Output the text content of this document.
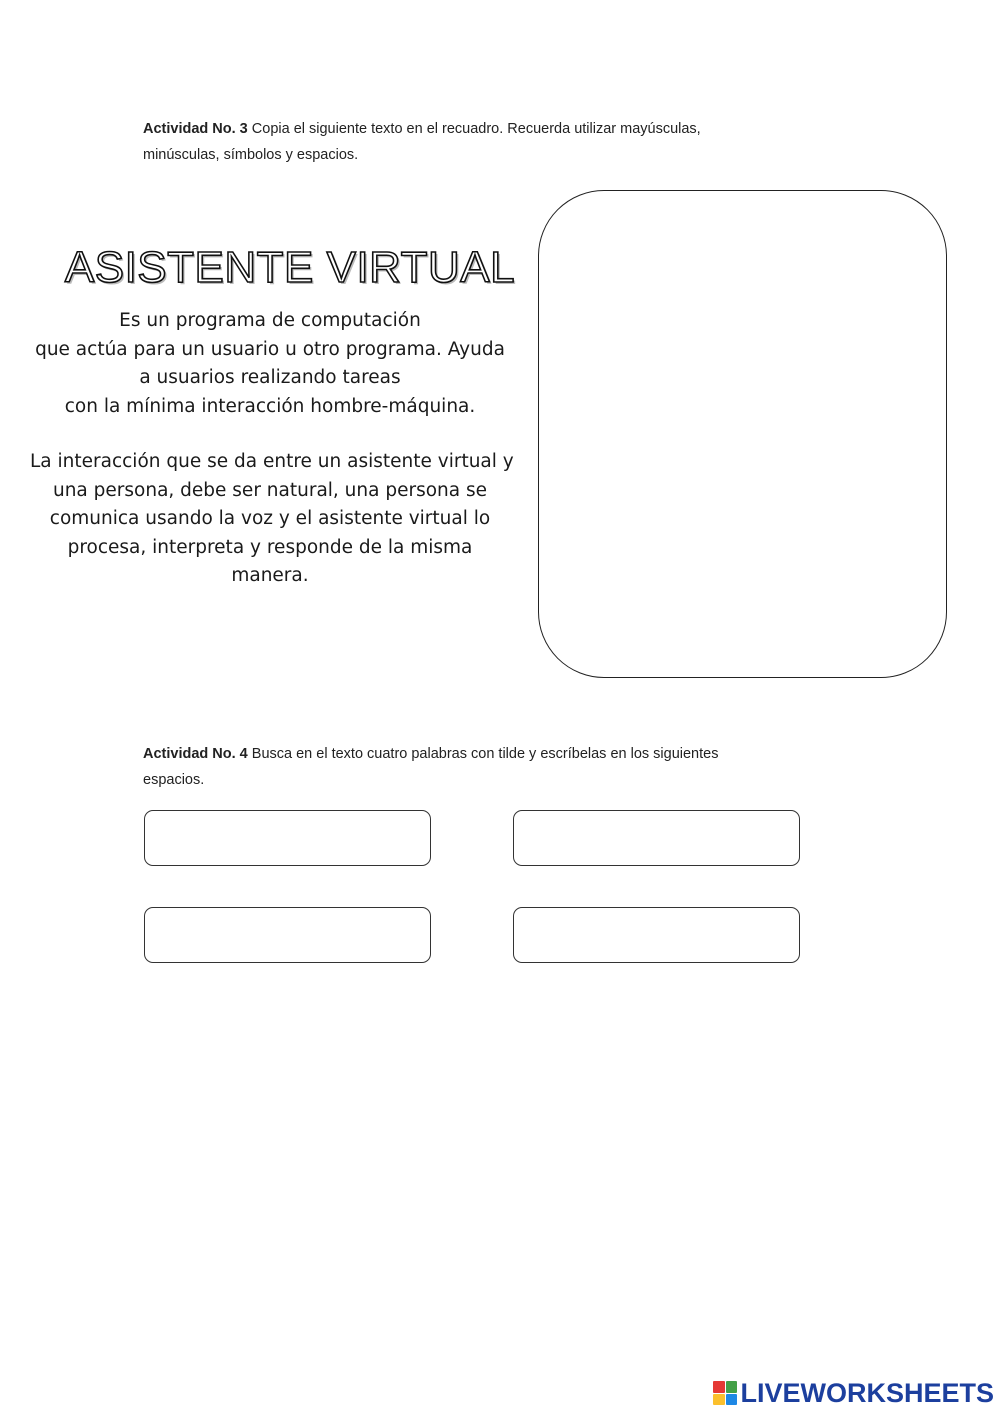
Actividad No. 3 Copia el siguiente texto en el recuadro. Recuerda utilizar mayúsculas,
minúsculas, símbolos y espacios.
ASISTENTE VIRTUAL
Es un programa de computación
que actúa para un usuario u otro programa. Ayuda
a usuarios realizando tareas
con la mínima interacción hombre-máquina.
La interacción que se da entre un asistente virtual y
una persona, debe ser natural, una persona se
comunica usando la voz y el asistente virtual lo
procesa, interpreta y responde de la misma
manera.
Actividad No. 4 Busca en el texto cuatro palabras con tilde y escríbelas en los siguientes
espacios.
LIVEWORKSHEETS
